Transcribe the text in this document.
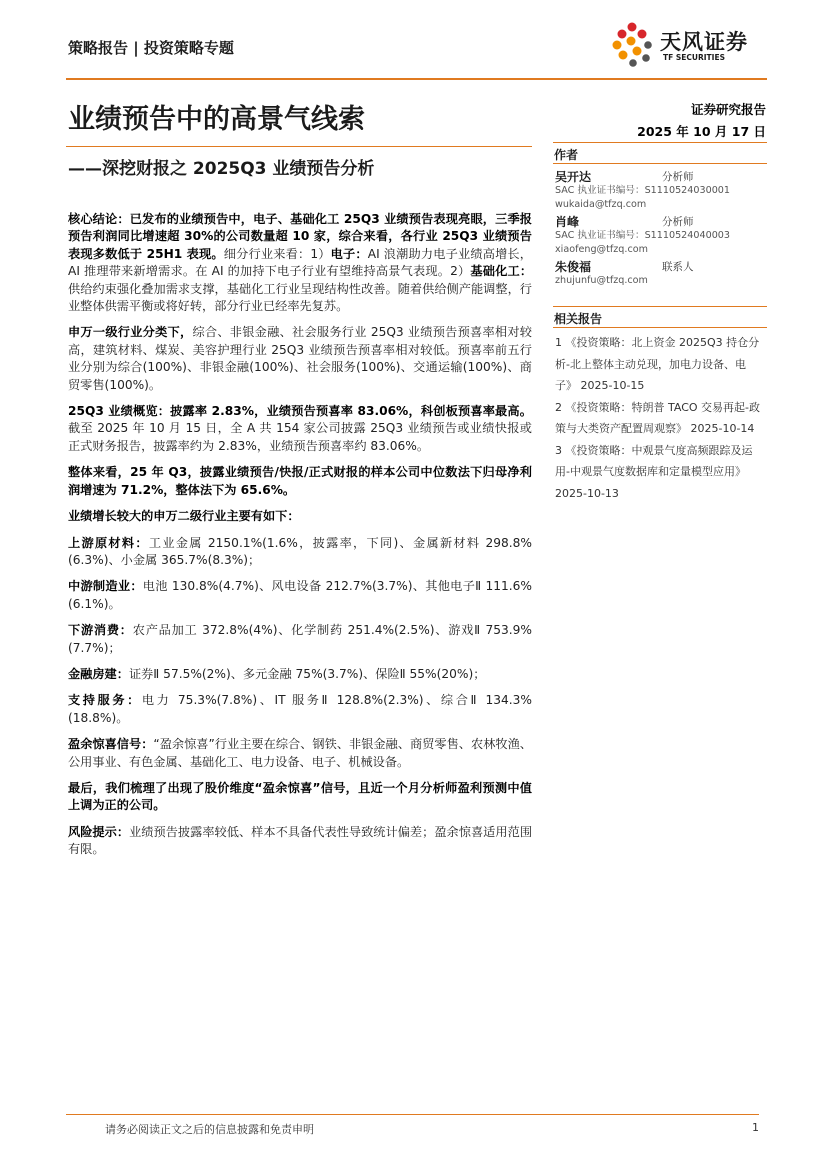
策略报告 | 投资策略专题	天风证券
TF SECURITIES
业绩预告中的高景气线索
——深挖财报之 2025Q3 业绩预告分析
证券研究报告
2025 年 10 月 17 日
作者
吴开达	分析师
SAC 执业证书编号：S1110524030001
wukaida@tfzq.com
肖峰	分析师
SAC 执业证书编号：S1110524040003
xiaofeng@tfzq.com
朱俊福	联系人
zhujunfu@tfzq.com
相关报告
1 《投资策略：北上资金 2025Q3 持仓分析-北上整体主动兑现，加电力设备、电子》 2025-10-15
2 《投资策略：特朗普 TACO 交易再起-政策与大类资产配置周观察》 2025-10-14
3 《投资策略：中观景气度高频跟踪及运用-中观景气度数据库和定量模型应用》 2025-10-13

核心结论：已发布的业绩预告中，电子、基础化工 25Q3 业绩预告表现亮眼，三季报预告利润同比增速超 30%的公司数量超 10 家，综合来看，各行业 25Q3 业绩预告表现多数低于 25H1 表现。细分行业来看：1）电子：AI 浪潮助力电子业绩高增长，AI 推理带来新增需求。在 AI 的加持下电子行业有望维持高景气表现。2）基础化工：供给约束强化叠加需求支撑，基础化工行业呈现结构性改善。随着供给侧产能调整，行业整体供需平衡或将好转，部分行业已经率先复苏。

申万一级行业分类下，综合、非银金融、社会服务行业 25Q3 业绩预告预喜率相对较高，建筑材料、煤炭、美容护理行业 25Q3 业绩预告预喜率相对较低。预喜率前五行业分别为综合(100%)、非银金融(100%)、社会服务(100%)、交通运输(100%)、商贸零售(100%)。

25Q3 业绩概览：披露率 2.83%，业绩预告预喜率 83.06%，科创板预喜率最高。截至 2025 年 10 月 15 日，全 A 共 154 家公司披露 25Q3 业绩预告或业绩快报或正式财务报告，披露率约为 2.83%，业绩预告预喜率约 83.06%。

整体来看，25 年 Q3，披露业绩预告/快报/正式财报的样本公司中位数法下归母净利润增速为 71.2%，整体法下为 65.6%。

业绩增长较大的申万二级行业主要有如下：

上游原材料：工业金属 2150.1%(1.6%，披露率，下同)、金属新材料 298.8%(6.3%)、小金属 365.7%(8.3%)；

中游制造业：电池 130.8%(4.7%)、风电设备 212.7%(3.7%)、其他电子Ⅱ 111.6%(6.1%)。

下游消费：农产品加工 372.8%(4%)、化学制药 251.4%(2.5%)、游戏Ⅱ 753.9%(7.7%)；

金融房建：证券Ⅱ 57.5%(2%)、多元金融 75%(3.7%)、保险Ⅱ 55%(20%)；

支持服务：电力 75.3%(7.8%)、IT 服务Ⅱ 128.8%(2.3%)、综合Ⅱ 134.3%(18.8%)。

盈余惊喜信号：“盈余惊喜”行业主要在综合、钢铁、非银金融、商贸零售、农林牧渔、公用事业、有色金属、基础化工、电力设备、电子、机械设备。

最后，我们梳理了出现了股价维度“盈余惊喜”信号，且近一个月分析师盈利预测中值上调为正的公司。

风险提示：业绩预告披露率较低、样本不具备代表性导致统计偏差；盈余惊喜适用范围有限。

请务必阅读正文之后的信息披露和免责申明	1
